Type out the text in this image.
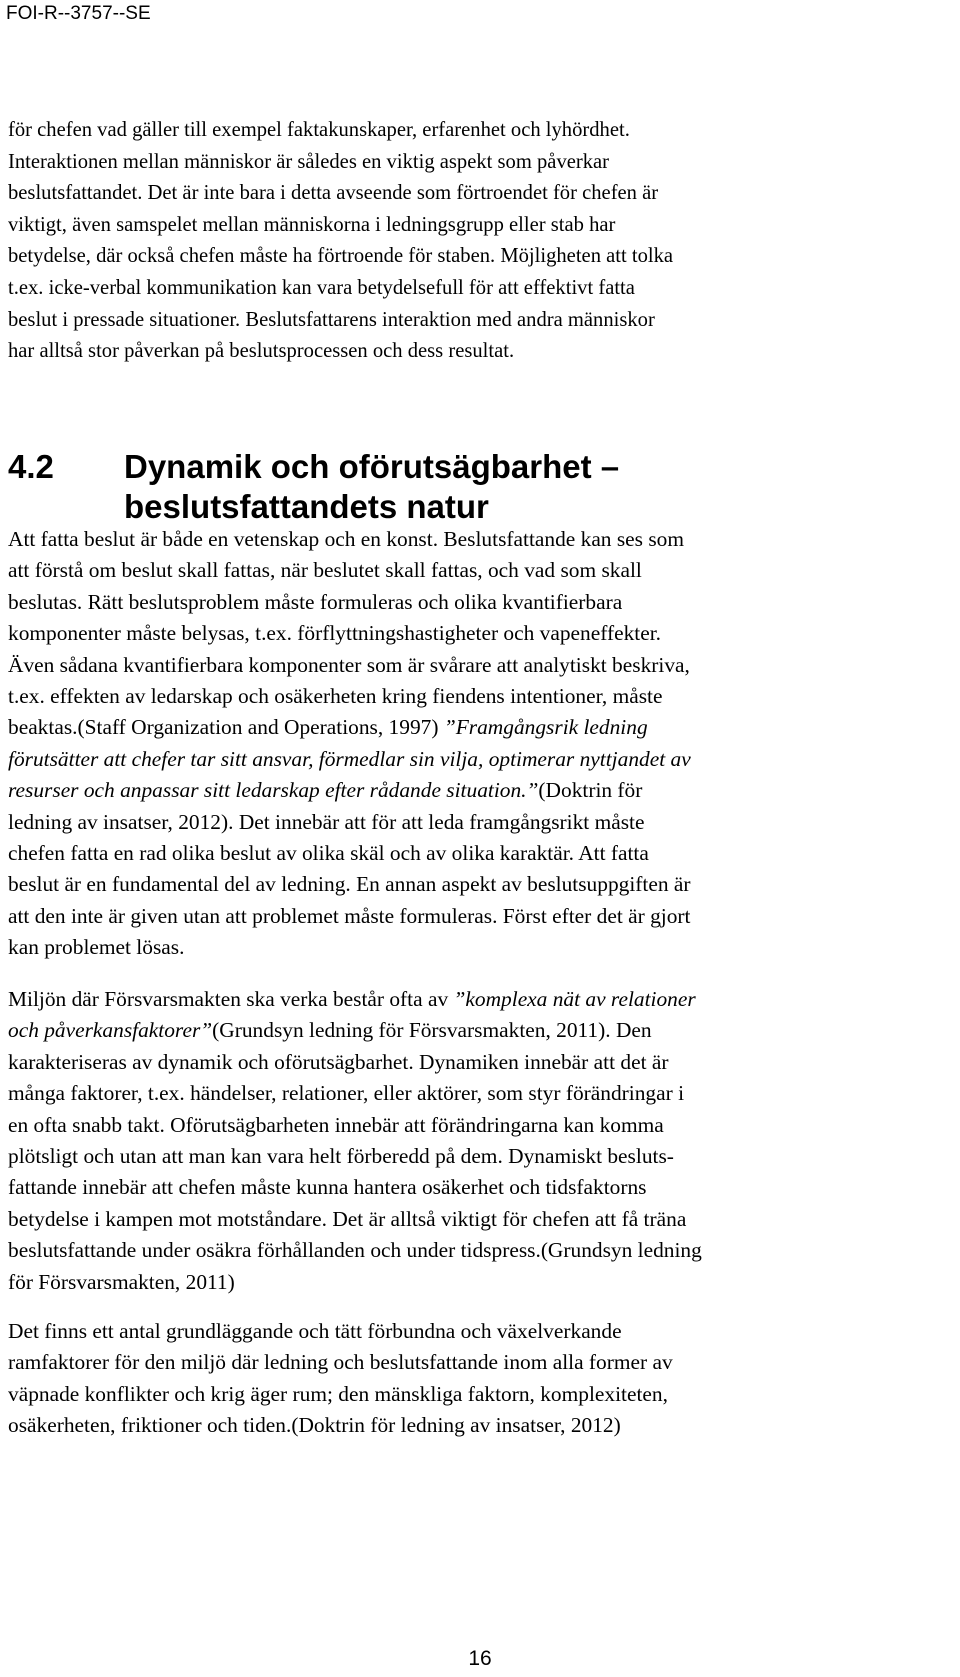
FOI-R--3757--SE
för chefen vad gäller till exempel faktakunskaper, erfarenhet och lyhördhet.
Interaktionen mellan människor är således en viktig aspekt som påverkar
beslutsfattandet. Det är inte bara i detta avseende som förtroendet för chefen är
viktigt, även samspelet mellan människorna i ledningsgrupp eller stab har
betydelse, där också chefen måste ha förtroende för staben. Möjligheten att tolka
t.ex. icke-verbal kommunikation kan vara betydelsefull för att effektivt fatta
beslut i pressade situationer. Beslutsfattarens interaktion med andra människor
har alltså stor påverkan på beslutsprocessen och dess resultat.
4.2 Dynamik och oförutsägbarhet –
beslutsfattandets natur
Att fatta beslut är både en vetenskap och en konst. Beslutsfattande kan ses som
att förstå om beslut skall fattas, när beslutet skall fattas, och vad som skall
beslutas. Rätt beslutsproblem måste formuleras och olika kvantifierbara
komponenter måste belysas, t.ex. förflyttningshastigheter och vapeneffekter.
Även sådana kvantifierbara komponenter som är svårare att analytiskt beskriva,
t.ex. effekten av ledarskap och osäkerheten kring fiendens intentioner, måste
beaktas.(Staff Organization and Operations, 1997) ”Framgångsrik ledning
förutsätter att chefer tar sitt ansvar, förmedlar sin vilja, optimerar nyttjandet av
resurser och anpassar sitt ledarskap efter rådande situation.”(Doktrin för
ledning av insatser, 2012). Det innebär att för att leda framgångsrikt måste
chefen fatta en rad olika beslut av olika skäl och av olika karaktär. Att fatta
beslut är en fundamental del av ledning. En annan aspekt av beslutsuppgiften är
att den inte är given utan att problemet måste formuleras. Först efter det är gjort
kan problemet lösas.
Miljön där Försvarsmakten ska verka består ofta av ”komplexa nät av relationer
och påverkansfaktorer”(Grundsyn ledning för Försvarsmakten, 2011). Den
karakteriseras av dynamik och oförutsägbarhet. Dynamiken innebär att det är
många faktorer, t.ex. händelser, relationer, eller aktörer, som styr förändringar i
en ofta snabb takt. Oförutsägbarheten innebär att förändringarna kan komma
plötsligt och utan att man kan vara helt förberedd på dem. Dynamiskt besluts-
fattande innebär att chefen måste kunna hantera osäkerhet och tidsfaktorns
betydelse i kampen mot motståndare. Det är alltså viktigt för chefen att få träna
beslutsfattande under osäkra förhållanden och under tidspress.(Grundsyn ledning
för Försvarsmakten, 2011)
Det finns ett antal grundläggande och tätt förbundna och växelverkande
ramfaktorer för den miljö där ledning och beslutsfattande inom alla former av
väpnade konflikter och krig äger rum; den mänskliga faktorn, komplexiteten,
osäkerheten, friktioner och tiden.(Doktrin för ledning av insatser, 2012)
16
